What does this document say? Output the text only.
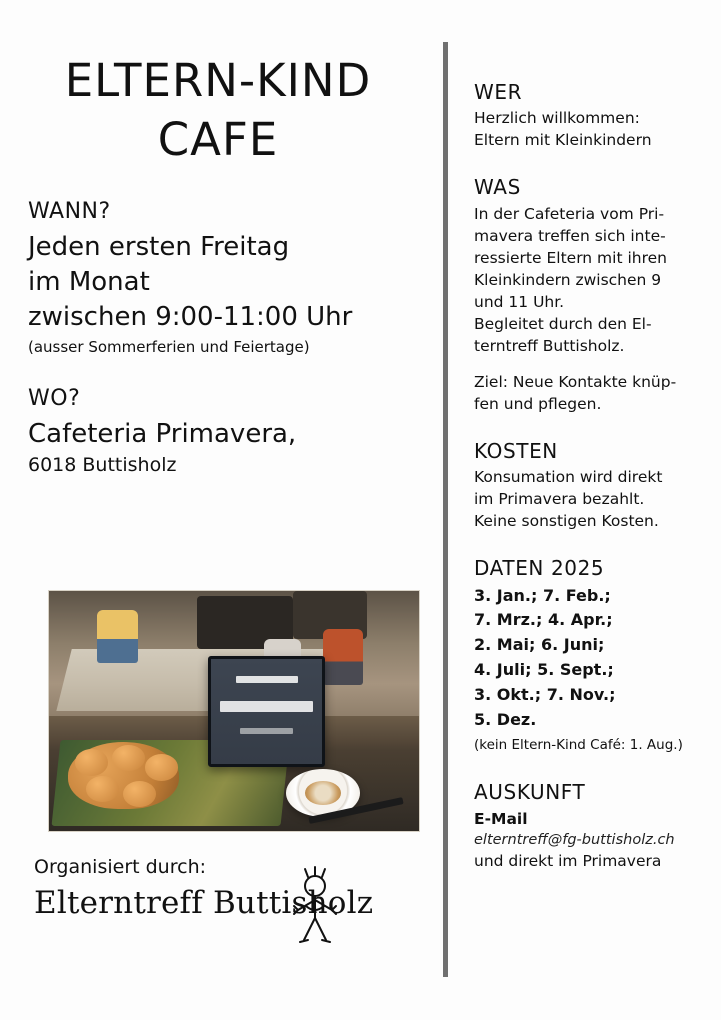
ELTERN-KIND
CAFE
WANN?
Jeden ersten Freitag
im Monat
zwischen 9:00-11:00 Uhr
(ausser Sommerferien und Feiertage)
WO?
Cafeteria Primavera,
6018 Buttisholz
Organisiert durch:
Elterntreff Buttisholz
WER
Herzlich willkommen:
Eltern mit Kleinkindern
WAS
In der Cafeteria vom Pri-
mavera treffen sich inte-
ressierte Eltern mit ihren
Kleinkindern zwischen 9
und 11 Uhr.
Begleitet durch den El-
terntreff Buttisholz.
Ziel: Neue Kontakte knüp-
fen und pflegen.
KOSTEN
Konsumation wird direkt
im Primavera bezahlt.
Keine sonstigen Kosten.
DATEN 2025
3. Jan.; 7. Feb.;
7. Mrz.; 4. Apr.;
2. Mai; 6. Juni;
4. Juli; 5. Sept.;
3. Okt.; 7. Nov.;
5. Dez.
(kein Eltern-Kind Café: 1. Aug.)
AUSKUNFT
E-Mail
elterntreff@fg-buttisholz.ch
und direkt im Primavera
